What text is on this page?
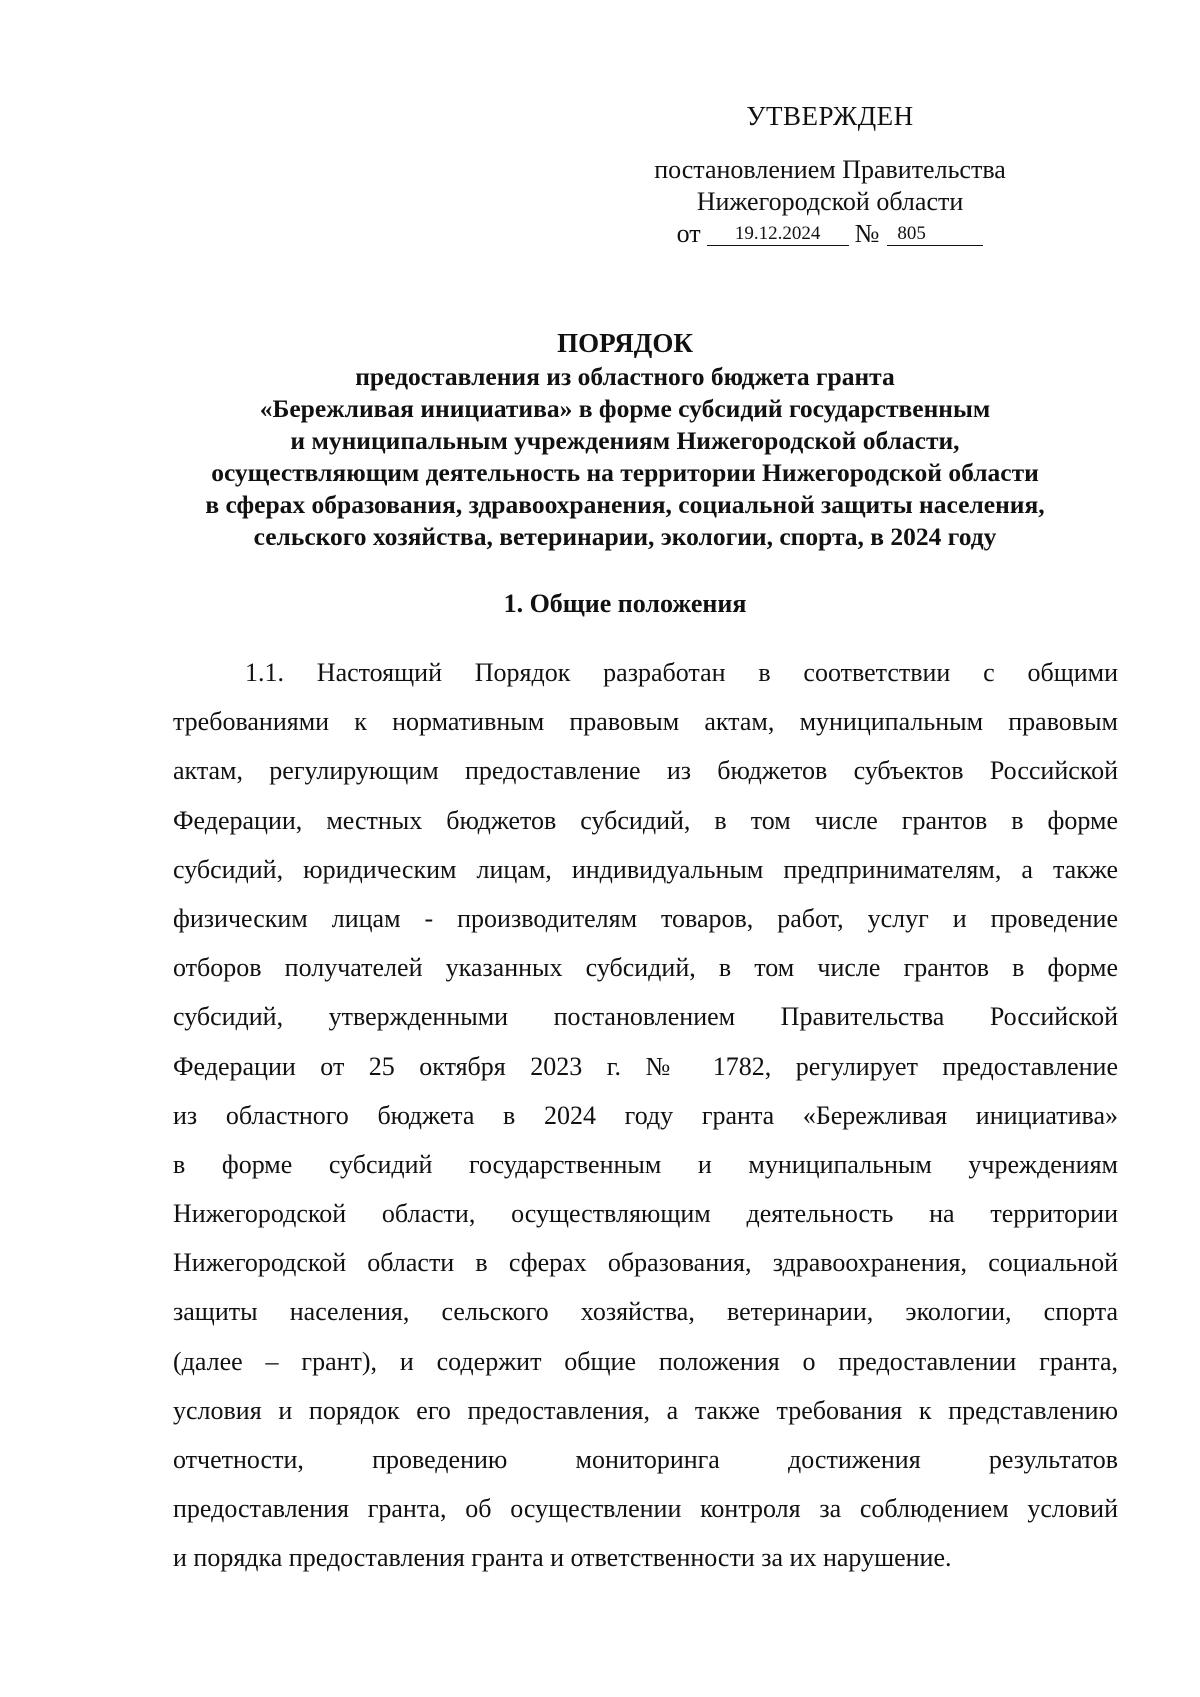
УТВЕРЖДЕН
постановлением Правительства
Нижегородской области
от	19.12.2024	№ 805
ПОРЯДОК
предоставления из областного бюджета гранта
«Бережливая инициатива» в форме субсидий государственным
и муниципальным учреждениям Нижегородской области,
осуществляющим деятельность на территории Нижегородской области
в сферах образования, здравоохранения, социальной защиты населения,
сельского хозяйства, ветеринарии, экологии, спорта, в 2024 году
1. Общие положения
1.1. Настоящий Порядок разработан в соответствии с общими
требованиями к нормативным правовым актам, муниципальным правовым
актам, регулирующим предоставление из бюджетов субъектов Российской
Федерации, местных бюджетов субсидий, в том числе грантов в форме
субсидий, юридическим лицам, индивидуальным предпринимателям, а также
физическим лицам - производителям товаров, работ, услуг и проведение
отборов получателей указанных субсидий, в том числе грантов в форме
субсидий, утвержденными постановлением Правительства Российской
Федерации от 25 октября 2023 г. № 1782, регулирует предоставление
из областного бюджета в 2024 году гранта «Бережливая инициатива»
в форме субсидий государственным и муниципальным учреждениям
Нижегородской области, осуществляющим деятельность на территории
Нижегородской области в сферах образования, здравоохранения, социальной
защиты населения, сельского хозяйства, ветеринарии, экологии, спорта
(далее – грант), и содержит общие положения о предоставлении гранта,
условия и порядок его предоставления, а также требования к представлению
отчетности, проведению мониторинга достижения результатов
предоставления гранта, об осуществлении контроля за соблюдением условий
и порядка предоставления гранта и ответственности за их нарушение.
